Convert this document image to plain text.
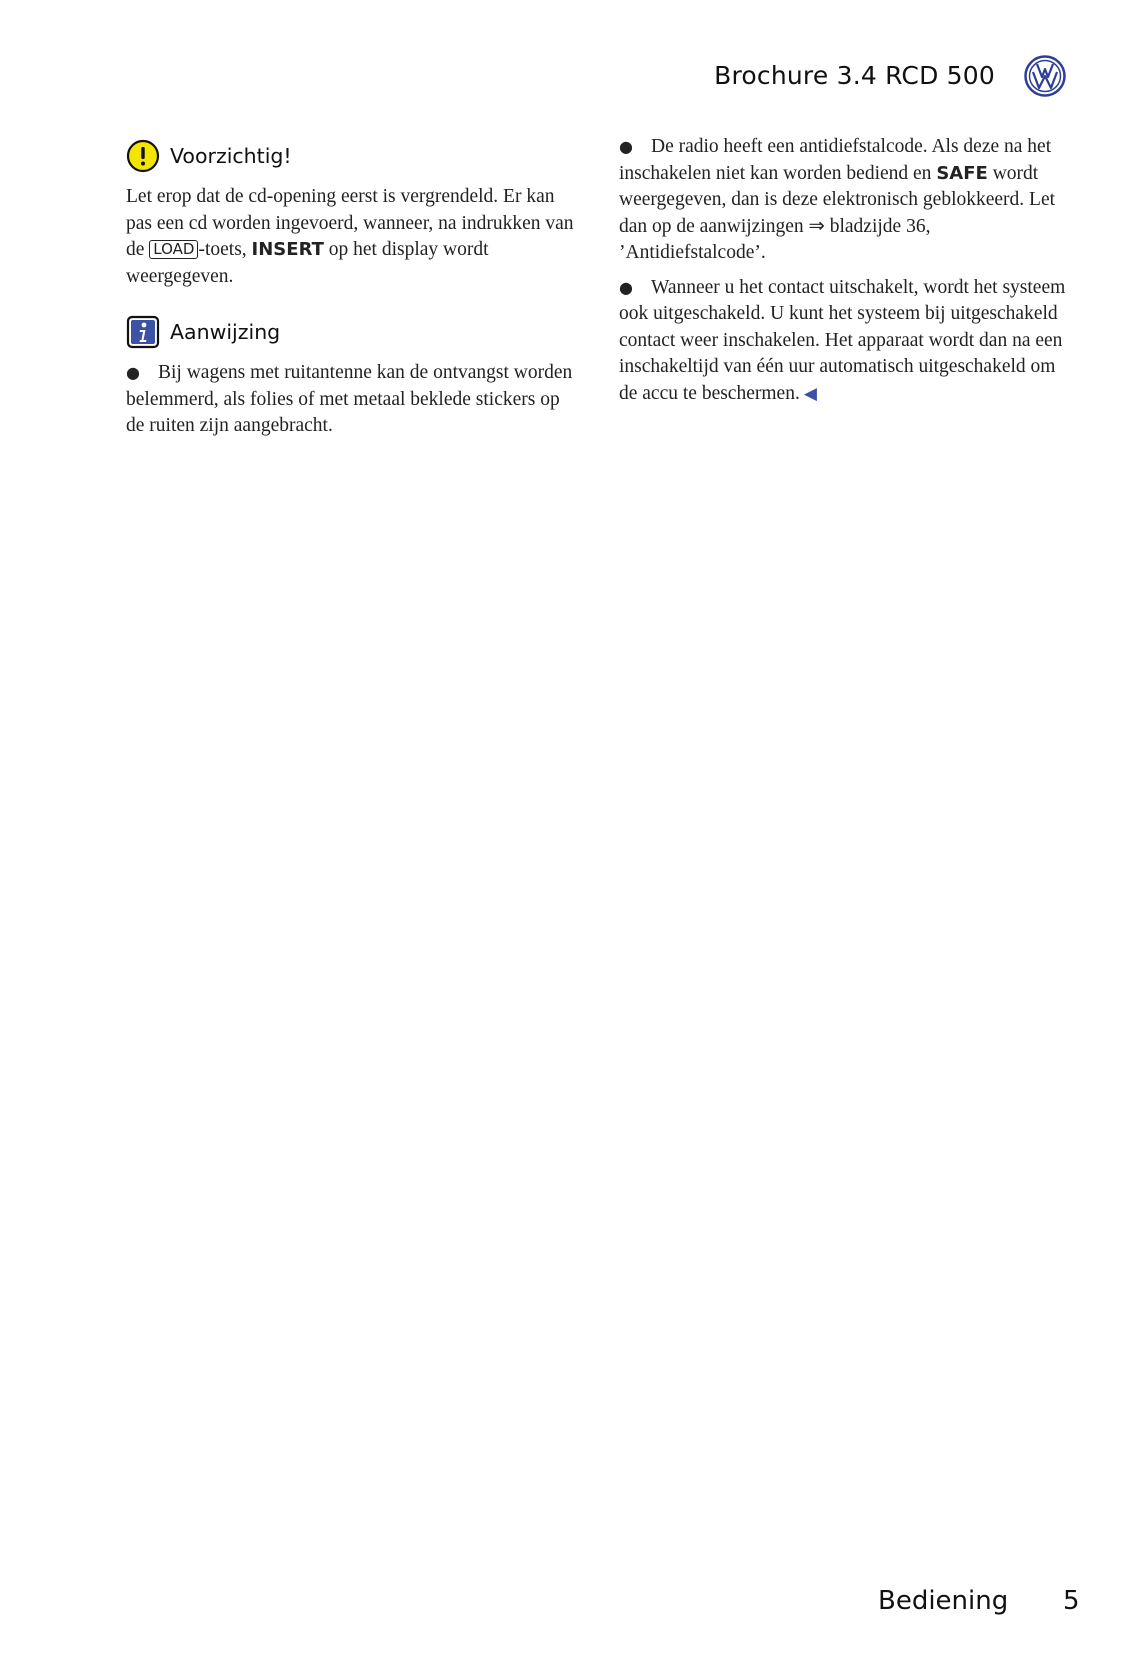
Brochure 3.4 RCD 500
Voorzichtig!

Let erop dat de cd-opening eerst is vergrendeld. Er kan pas een cd worden ingevoerd, wanneer, na indrukken van de LOAD -toets, INSERT op het display wordt weergegeven.

Aanwijzing

● Bij wagens met ruitantenne kan de ontvangst worden belemmerd, als folies of met metaal beklede stickers op de ruiten zijn aangebracht.

● De radio heeft een antidiefstalcode. Als deze na het inschakelen niet kan worden bediend en SAFE wordt weergegeven, dan is deze elektronisch geblokkeerd. Let dan op de aanwijzingen ⇒ bladzijde 36, ’Antidiefstalcode’.

● Wanneer u het contact uitschakelt, wordt het systeem ook uitgeschakeld. U kunt het systeem bij uitgeschakeld contact weer inschakelen. Het apparaat wordt dan na een inschakeltijd van één uur automatisch uitgeschakeld om de accu te beschermen. ◀

Bediening 5
